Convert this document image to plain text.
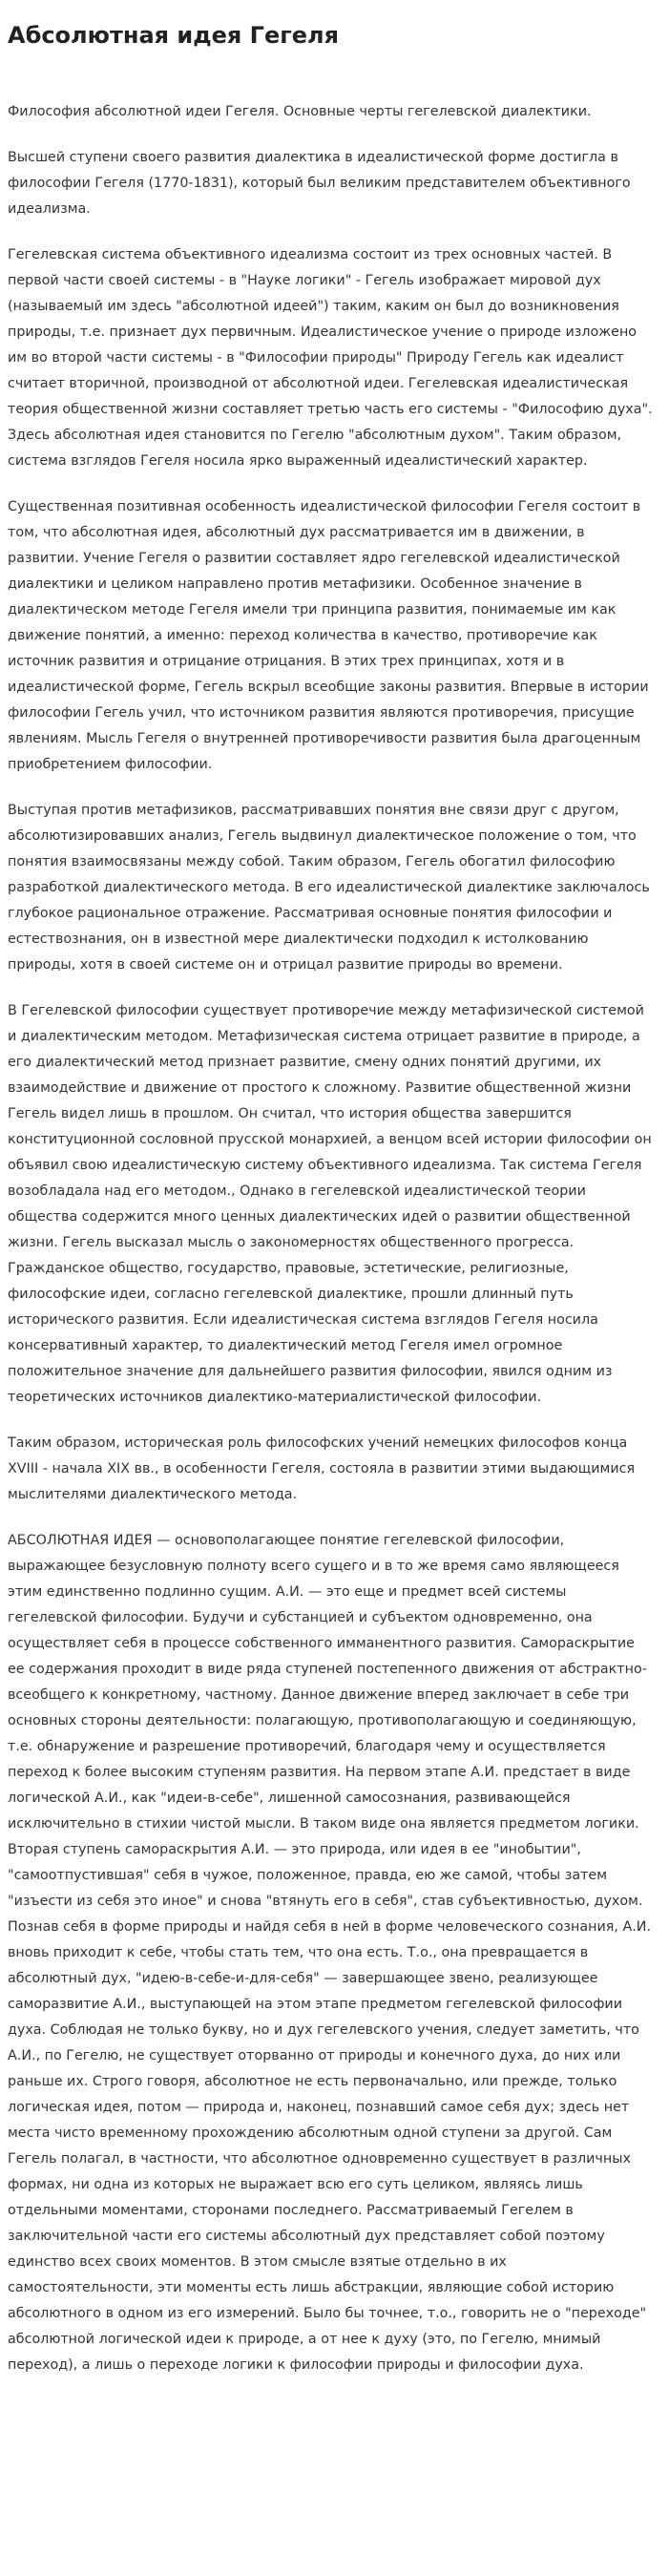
Абсолютная идея Гегеля

Философия абсолютной идеи Гегеля. Основные черты гегелевской диалектики.

Высшей ступени своего развития диалектика в идеалистической форме достигла в философии Гегеля (1770-1831), который был великим представителем объективного идеализма.

Гегелевская система объективного идеализма состоит из трех основных частей. В первой части своей системы - в "Науке логики" - Гегель изображает мировой дух (называемый им здесь "абсолютной идеей") таким, каким он был до возникновения природы, т.е. признает дух первичным. Идеалистическое учение о природе изложено им во второй части системы - в "Философии природы" Природу Гегель как идеалист считает вторичной, производной от абсолютной идеи. Гегелевская идеалистическая теория общественной жизни составляет третью часть его системы - "Философию духа". Здесь абсолютная идея становится по Гегелю "абсолютным духом". Таким образом, система взглядов Гегеля носила ярко выраженный идеалистический характер.

Существенная позитивная особенность идеалистической философии Гегеля состоит в том, что абсолютная идея, абсолютный дух рассматривается им в движении, в развитии. Учение Гегеля о развитии составляет ядро гегелевской идеалистической диалектики и целиком направлено против метафизики. Особенное значение в диалектическом методе Гегеля имели три принципа развития, понимаемые им как движение понятий, а именно: переход количества в качество, противоречие как источник развития и отрицание отрицания. В этих трех принципах, хотя и в идеалистической форме, Гегель вскрыл всеобщие законы развития. Впервые в истории философии Гегель учил, что источником развития являются противоречия, присущие явлениям. Мысль Гегеля о внутренней противоречивости развития была драгоценным приобретением философии.

Выступая против метафизиков, рассматривавших понятия вне связи друг с другом, абсолютизировавших анализ, Гегель выдвинул диалектическое положение о том, что понятия взаимосвязаны между собой. Таким образом, Гегель обогатил философию разработкой диалектического метода. В его идеалистической диалектике заключалось глубокое рациональное отражение. Рассматривая основные понятия философии и естествознания, он в известной мере диалектически подходил к истолкованию природы, хотя в своей системе он и отрицал развитие природы во времени.

В Гегелевской философии существует противоречие между метафизической системой и диалектическим методом. Метафизическая система отрицает развитие в природе, а его диалектический метод признает развитие, смену одних понятий другими, их взаимодействие и движение от простого к сложному. Развитие общественной жизни Гегель видел лишь в прошлом. Он считал, что история общества завершится конституционной сословной прусской монархией, а венцом всей истории философии он объявил свою идеалистическую систему объективного идеализма. Так система Гегеля возобладала над его методом., Однако в гегелевской идеалистической теории общества содержится много ценных диалектических идей о развитии общественной жизни. Гегель высказал мысль о закономерностях общественного прогресса. Гражданское общество, государство, правовые, эстетические, религиозные, философские идеи, согласно гегелевской диалектике, прошли длинный путь исторического развития. Если идеалистическая система взглядов Гегеля носила консервативный характер, то диалектический метод Гегеля имел огромное положительное значение для дальнейшего развития философии, явился одним из теоретических источников диалектико-материалистической философии.

Таким образом, историческая роль философских учений немецких философов конца XVIII - начала XIX вв., в особенности Гегеля, состояла в развитии этими выдающимися мыслителями диалектического метода.

АБСОЛЮТНАЯ ИДЕЯ — основополагающее понятие гегелевской философии, выражающее безусловную полноту всего сущего и в то же время само являющееся этим единственно подлинно сущим. А.И. — это еще и предмет всей системы гегелевской философии. Будучи и субстанцией и субъектом одновременно, она осуществляет себя в процессе собственного имманентного развития. Самораскрытие ее содержания проходит в виде ряда ступеней постепенного движения от абстрактно-всеобщего к конкретному, частному. Данное движение вперед заключает в себе три основных стороны деятельности: полагающую, противополагающую и соединяющую, т.е. обнаружение и разрешение противоречий, благодаря чему и осуществляется переход к более высоким ступеням развития. На первом этапе А.И. предстает в виде логической А.И., как "идеи-в-себе", лишенной самосознания, развивающейся исключительно в стихии чистой мысли. В таком виде она является предметом логики. Вторая ступень самораскрытия А.И. — это природа, или идея в ее "инобытии", "самоотпустившая" себя в чужое, положенное, правда, ею же самой, чтобы затем "изъести из себя это иное" и снова "втянуть его в себя", став субъективностью, духом. Познав себя в форме природы и найдя себя в ней в форме человеческого сознания, А.И. вновь приходит к себе, чтобы стать тем, что она есть. Т.о., она превращается в абсолютный дух, "идею-в-себе-и-для-себя" — завершающее звено, реализующее саморазвитие А.И., выступающей на этом этапе предметом гегелевской философии духа. Соблюдая не только букву, но и дух гегелевского учения, следует заметить, что А.И., по Гегелю, не существует оторванно от природы и конечного духа, до них или раньше их. Строго говоря, абсолютное не есть первоначально, или прежде, только логическая идея, потом — природа и, наконец, познавший самое себя дух; здесь нет места чисто временному прохождению абсолютным одной ступени за другой. Сам Гегель полагал, в частности, что абсолютное одновременно существует в различных формах, ни одна из которых не выражает всю его суть целиком, являясь лишь отдельными моментами, сторонами последнего. Рассматриваемый Гегелем в заключительной части его системы абсолютный дух представляет собой поэтому единство всех своих моментов. В этом смысле взятые отдельно в их самостоятельности, эти моменты есть лишь абстракции, являющие собой историю абсолютного в одном из его измерений. Было бы точнее, т.о., говорить не о "переходе" абсолютной логической идеи к природе, а от нее к духу (это, по Гегелю, мнимый переход), а лишь о переходе логики к философии природы и философии духа.
